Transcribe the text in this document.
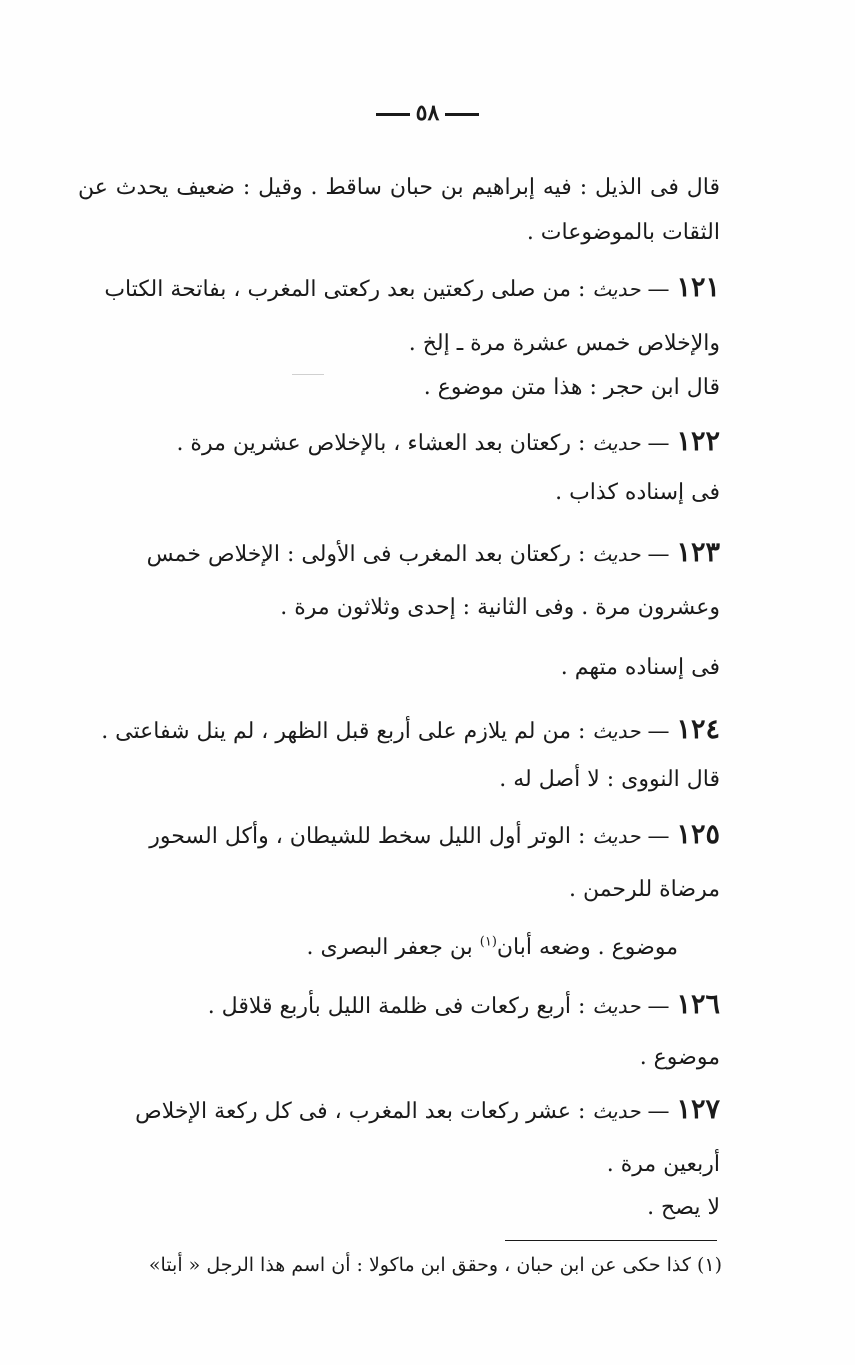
٥٨
قال فى الذيل : فيه إبراهيم بن حبان ساقط . وقيل : ضعيف يحدث عن
الثقات بالموضوعات .
١٢١ — حديث : من صلى ركعتين بعد ركعتى المغرب ، بفاتحة الكتاب
والإخلاص خمس عشرة مرة ـ إلخ .
قال ابن حجر : هذا متن موضوع .
١٢٢ — حديث : ركعتان بعد العشاء ، بالإخلاص عشرين مرة .
فى إسناده كذاب .
١٢٣ — حديث : ركعتان بعد المغرب فى الأولى : الإخلاص خمس
وعشرون مرة . وفى الثانية : إحدى وثلاثون مرة .
فى إسناده متهم .
١٢٤ — حديث : من لم يلازم على أربع قبل الظهر ، لم ينل شفاعتى .
قال النووى : لا أصل له .
١٢٥ — حديث : الوتر أول الليل سخط للشيطان ، وأكل السحور
مرضاة للرحمن .
موضوع . وضعه أبان$^{(١)}$ بن جعفر البصرى .
١٢٦ — حديث : أربع ركعات فى ظلمة الليل بأربع قلاقل .
موضوع .
١٢٧ — حديث : عشر ركعات بعد المغرب ، فى كل ركعة الإخلاص
أربعين مرة .
لا يصح .
(١) كذا حكى عن ابن حبان ، وحقق ابن ماكولا : أن اسم هذا الرجل « أبتا»
